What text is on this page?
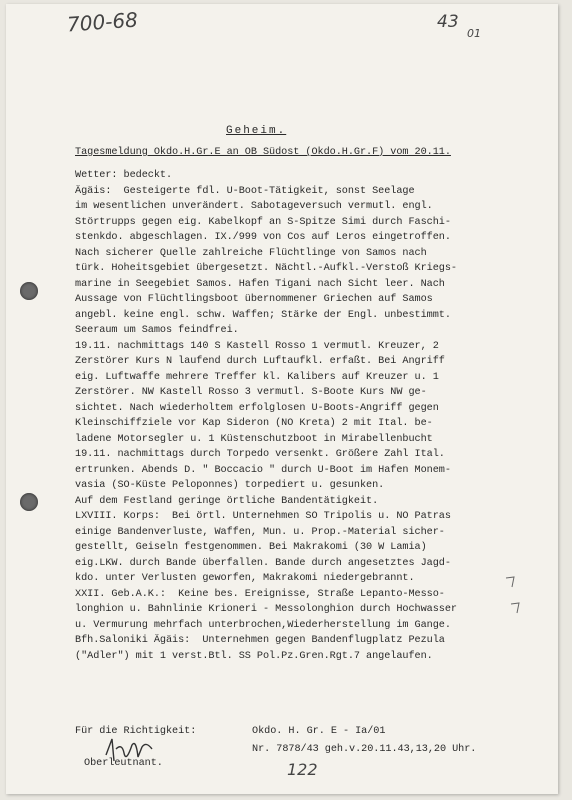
700-68	43
01
122
Geheim.
Tagesmeldung Okdo.H.Gr.E an OB Südost (Okdo.H.Gr.F) vom 20.11.
Wetter: bedeckt.
Ägäis:  Gesteigerte fdl. U-Boot-Tätigkeit, sonst Seelage
im wesentlichen unverändert. Sabotageversuch vermutl. engl.
Störtrupps gegen eig. Kabelkopf an S-Spitze Simi durch Faschi-
stenkdo. abgeschlagen. IX./999 von Cos auf Leros eingetroffen.
Nach sicherer Quelle zahlreiche Flüchtlinge von Samos nach
türk. Hoheitsgebiet übergesetzt. Nächtl.-Aufkl.-Verstoß Kriegs-
marine in Seegebiet Samos. Hafen Tigani nach Sicht leer. Nach
Aussage von Flüchtlingsboot übernommener Griechen auf Samos
angebl. keine engl. schw. Waffen; Stärke der Engl. unbestimmt.
Seeraum um Samos feindfrei.
19.11. nachmittags 140 S Kastell Rosso 1 vermutl. Kreuzer, 2
Zerstörer Kurs N laufend durch Luftaufkl. erfaßt. Bei Angriff
eig. Luftwaffe mehrere Treffer kl. Kalibers auf Kreuzer u. 1
Zerstörer. NW Kastell Rosso 3 vermutl. S-Boote Kurs NW ge-
sichtet. Nach wiederholtem erfolglosen U-Boots-Angriff gegen
Kleinschiffziele vor Kap Sideron (NO Kreta) 2 mit Ital. be-
ladene Motorsegler u. 1 Küstenschutzboot in Mirabellenbucht
19.11. nachmittags durch Torpedo versenkt. Größere Zahl Ital.
ertrunken. Abends D. " Boccacio " durch U-Boot im Hafen Monem-
vasia (SO-Küste Peloponnes) torpediert u. gesunken.
Auf dem Festland geringe örtliche Bandentätigkeit.
LXVIII. Korps:  Bei örtl. Unternehmen SO Tripolis u. NO Patras
einige Bandenverluste, Waffen, Mun. u. Prop.-Material sicher-
gestellt, Geiseln festgenommen. Bei Makrakomi (30 W Lamia)
eig.LKW. durch Bande überfallen. Bande durch angesetztes Jagd-
kdo. unter Verlusten geworfen, Makrakomi niedergebrannt.
XXII. Geb.A.K.:  Keine bes. Ereignisse, Straße Lepanto-Messo-
longhion u. Bahnlinie Krioneri - Messolonghion durch Hochwasser
u. Vermurung mehrfach unterbrochen,Wiederherstellung im Gange.
Bfh.Saloniki Ägäis:  Unternehmen gegen Bandenflugplatz Pezula
("Adler") mit 1 verst.Btl. SS Pol.Pz.Gren.Rgt.7 angelaufen.
Für die Richtigkeit:
Oberleutnant.
Okdo. H. Gr. E - Ia/01
Nr. 7878/43 geh.v.20.11.43,13,20 Uhr.
